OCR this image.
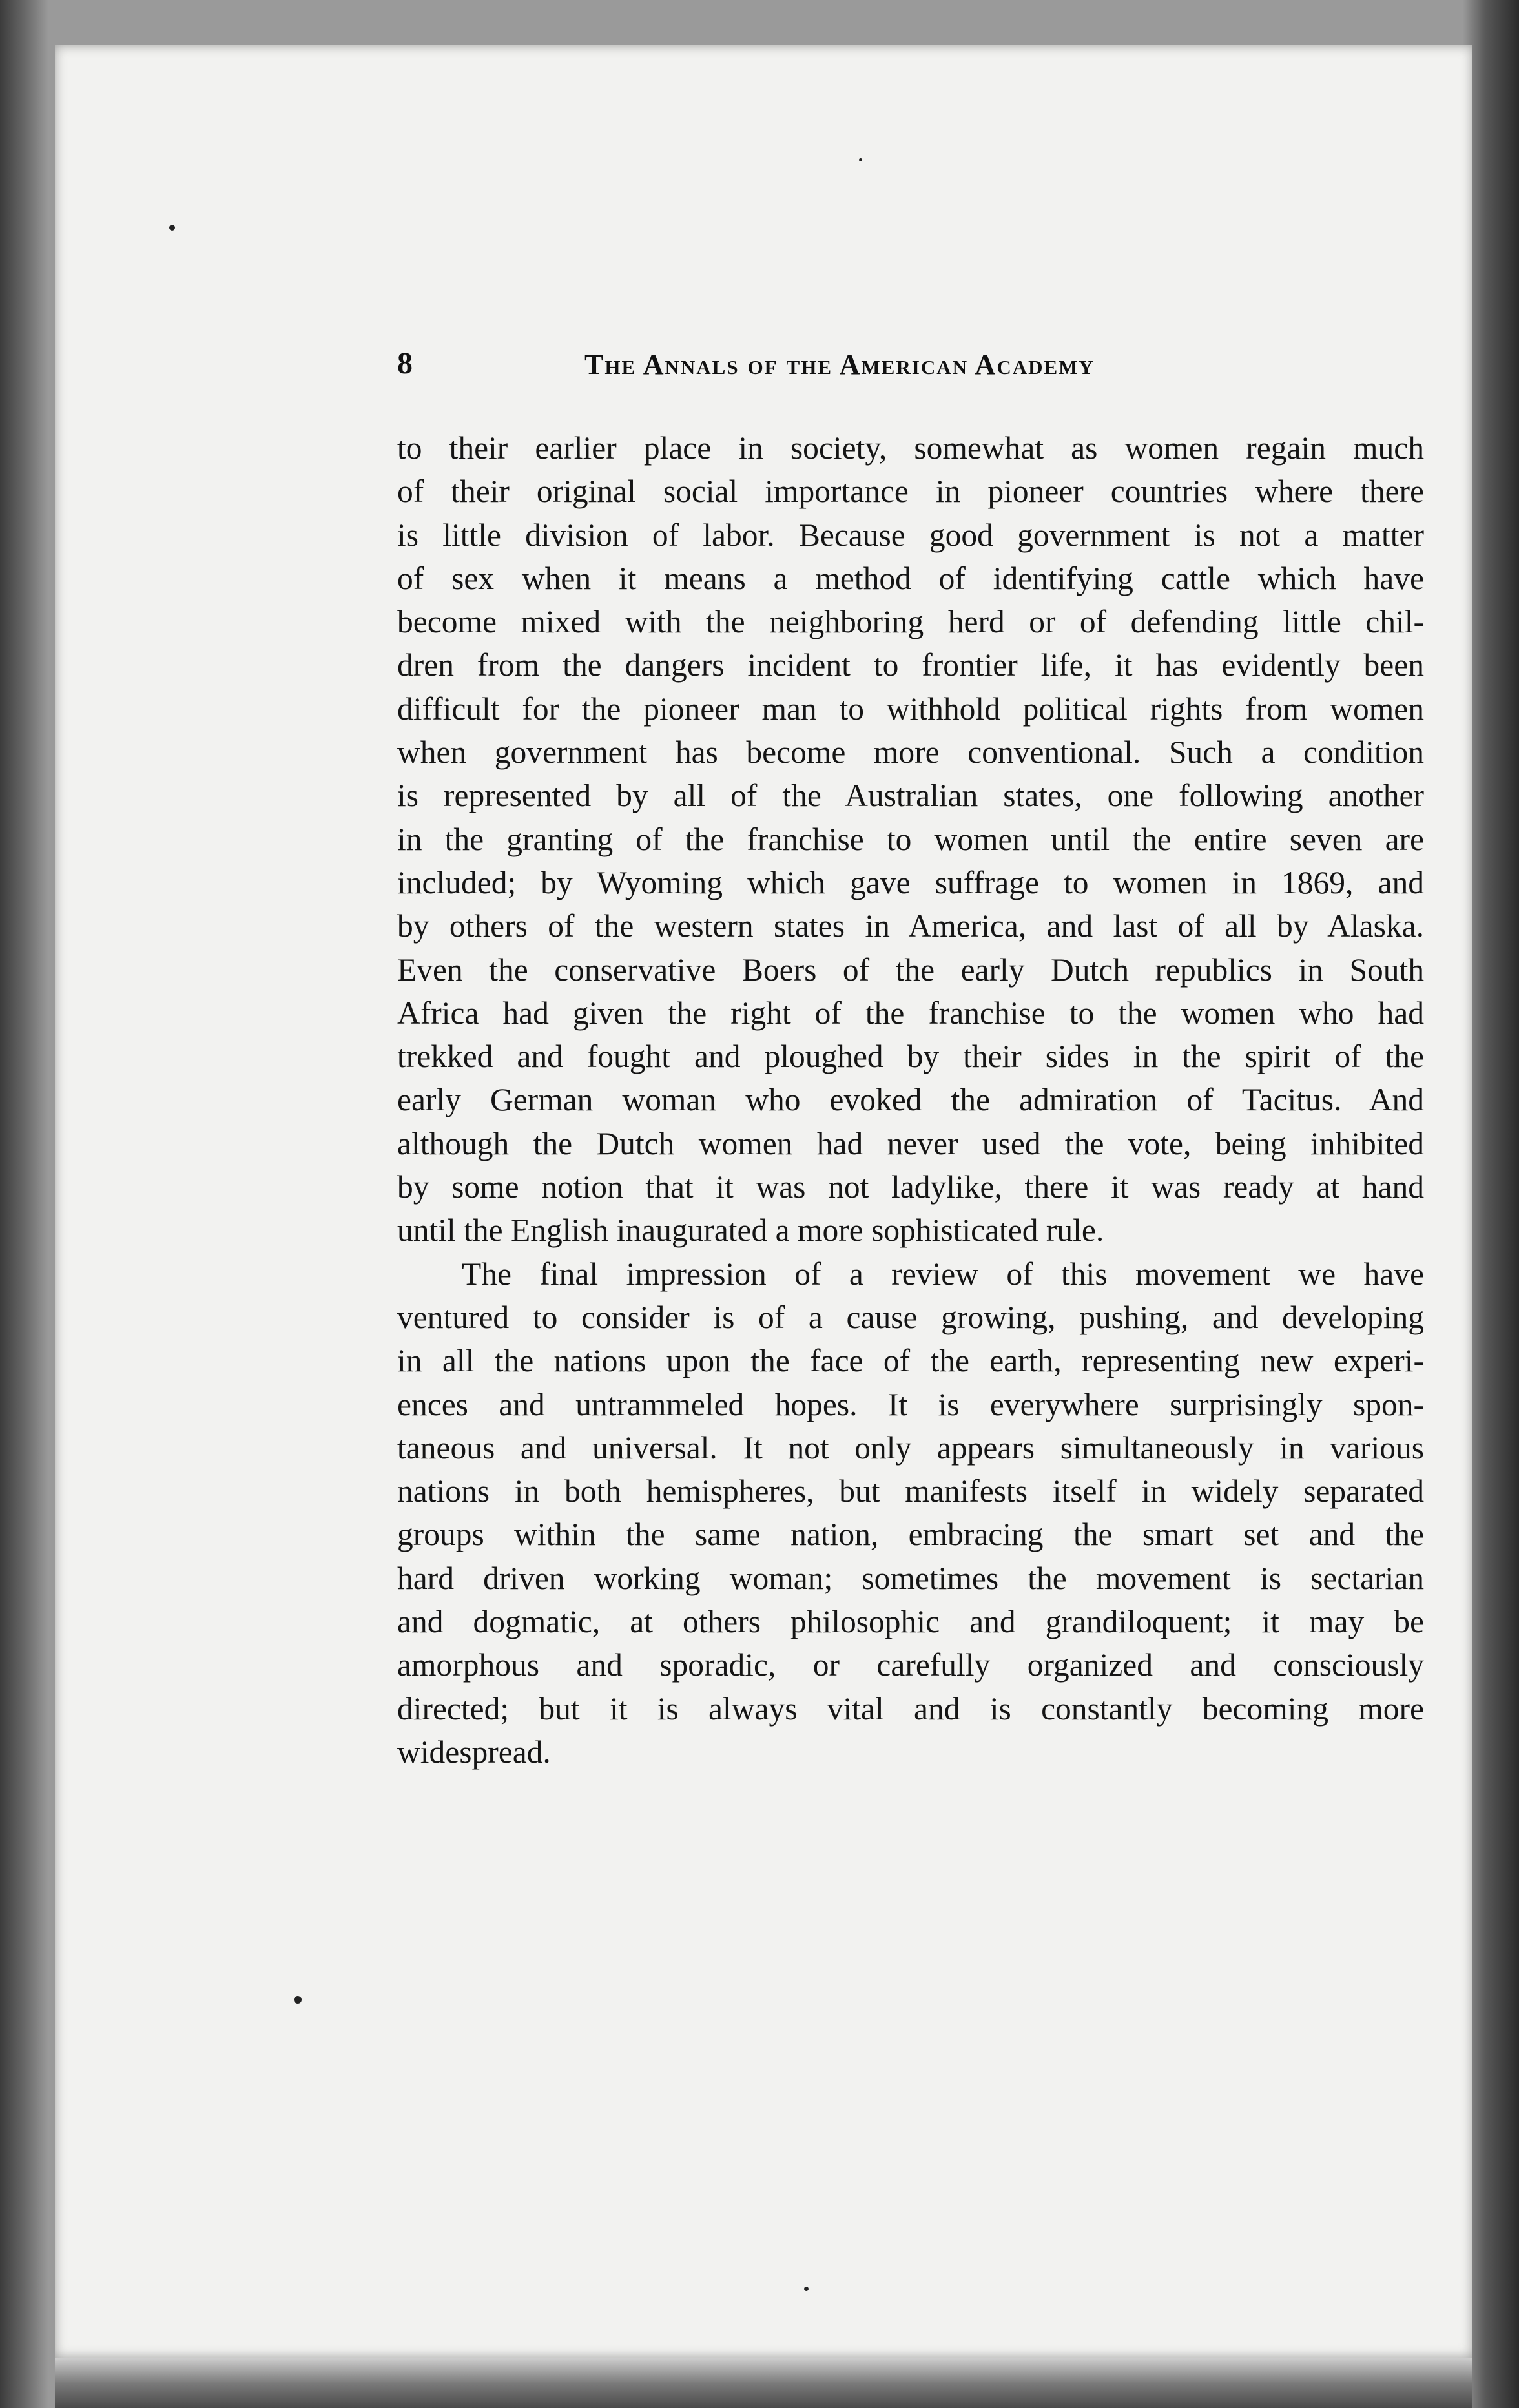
8	The Annals of the American Academy
to their earlier place in society, somewhat as women regain much
of their original social importance in pioneer countries where there
is little division of labor. Because good government is not a matter
of sex when it means a method of identifying cattle which have
become mixed with the neighboring herd or of defending little chil-
dren from the dangers incident to frontier life, it has evidently been
difficult for the pioneer man to withhold political rights from women
when government has become more conventional. Such a condition
is represented by all of the Australian states, one following another
in the granting of the franchise to women until the entire seven are
included; by Wyoming which gave suffrage to women in 1869, and
by others of the western states in America, and last of all by Alaska.
Even the conservative Boers of the early Dutch republics in South
Africa had given the right of the franchise to the women who had
trekked and fought and ploughed by their sides in the spirit of the
early German woman who evoked the admiration of Tacitus. And
although the Dutch women had never used the vote, being inhibited
by some notion that it was not ladylike, there it was ready at hand
until the English inaugurated a more sophisticated rule.
The final impression of a review of this movement we have
ventured to consider is of a cause growing, pushing, and developing
in all the nations upon the face of the earth, representing new experi-
ences and untrammeled hopes. It is everywhere surprisingly spon-
taneous and universal. It not only appears simultaneously in various
nations in both hemispheres, but manifests itself in widely separated
groups within the same nation, embracing the smart set and the
hard driven working woman; sometimes the movement is sectarian
and dogmatic, at others philosophic and grandiloquent; it may be
amorphous and sporadic, or carefully organized and consciously
directed; but it is always vital and is constantly becoming more
widespread.
